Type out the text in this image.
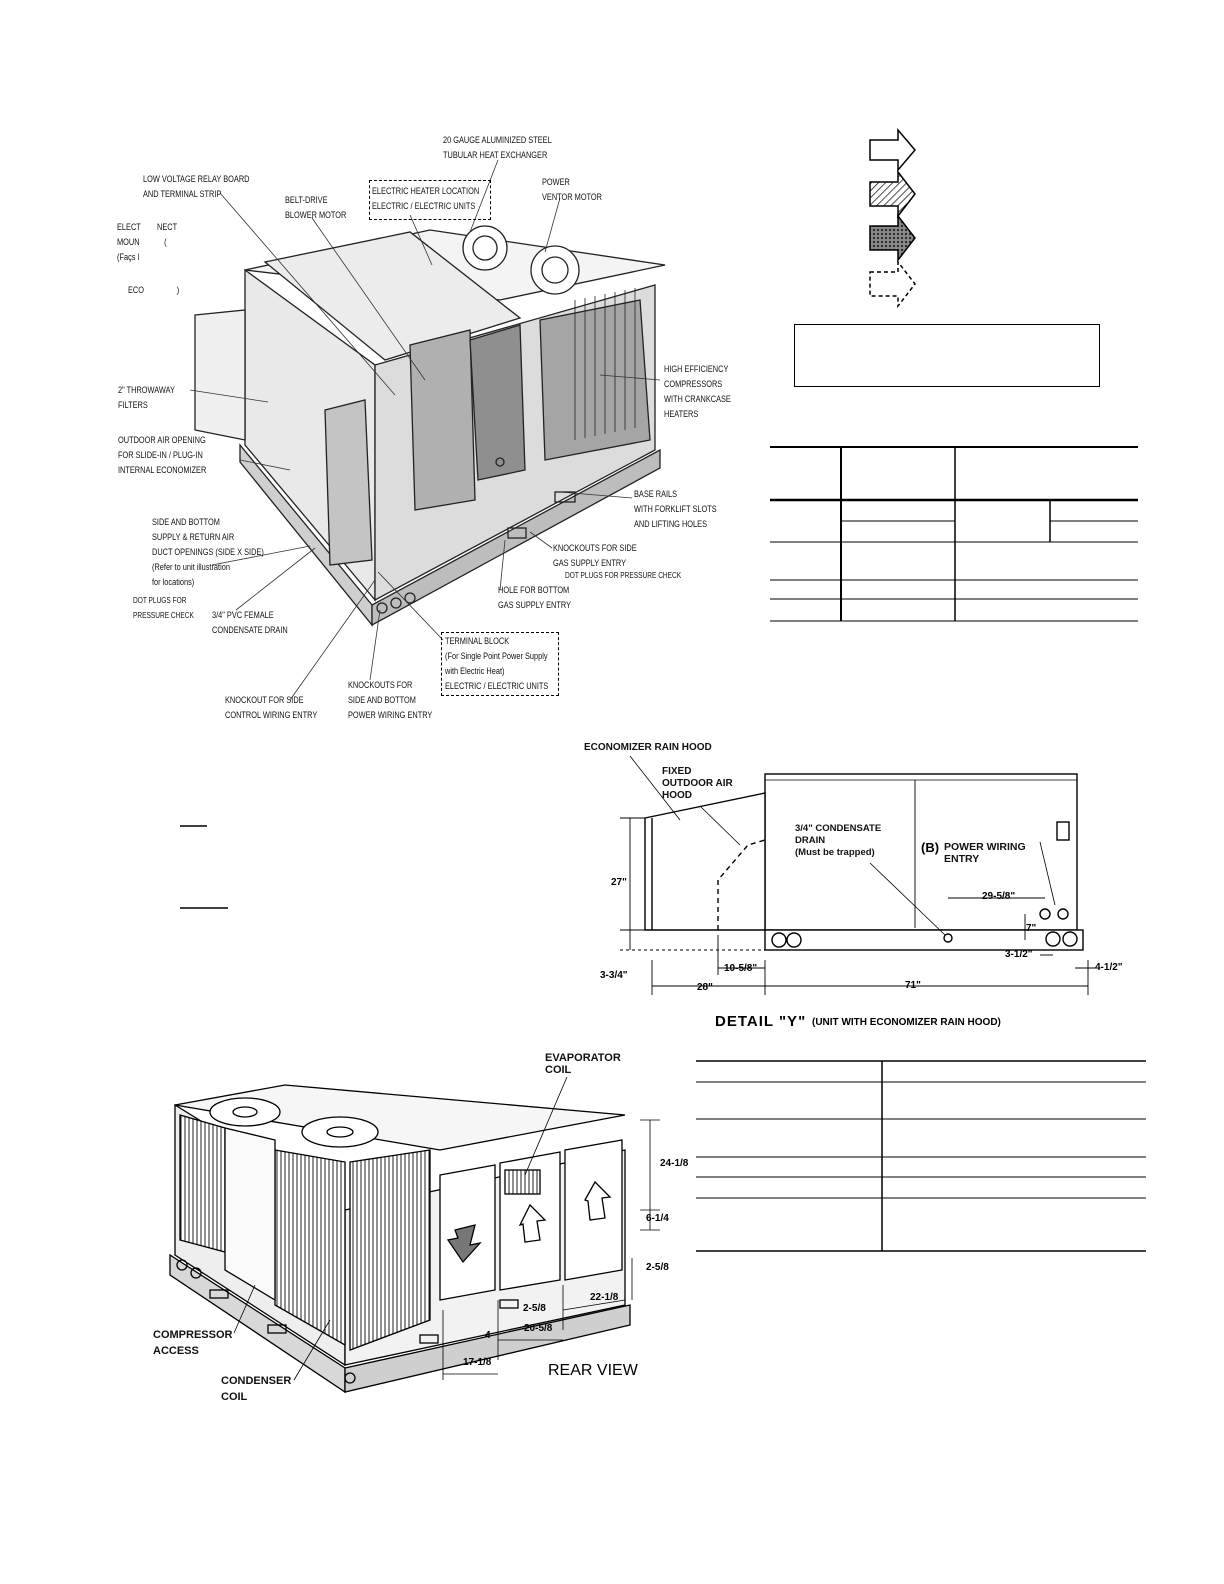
20 GAUGE ALUMINIZED STEEL
TUBULAR HEAT EXCHANGER
LOW VOLTAGE RELAY BOARD
AND TERMINAL STRIP
BELT-DRIVE
BLOWER MOTOR
ELECTRIC HEATER LOCATION
ELECTRIC / ELECTRIC UNITS
POWER
VENTOR MOTOR
ELECT        NECT
MOUN            (
(Façs l
ECO                )
2" THROWAWAY
FILTERS
OUTDOOR AIR OPENING
FOR SLIDE-IN / PLUG-IN
INTERNAL ECONOMIZER
HIGH EFFICIENCY
COMPRESSORS
WITH CRANKCASE
HEATERS
SIDE AND BOTTOM
SUPPLY & RETURN AIR
DUCT OPENINGS (SIDE X SIDE)
(Refer to unit illustration
for locations)
BASE RAILS
WITH FORKLIFT SLOTS
AND LIFTING HOLES
KNOCKOUTS FOR SIDE
GAS SUPPLY ENTRY
DOT PLUGS FOR PRESSURE CHECK
DOT PLUGS FOR
PRESSURE CHECK 3/4" PVC FEMALE
CONDENSATE DRAIN
HOLE FOR BOTTOM
GAS SUPPLY ENTRY
TERMINAL BLOCK
(For Single Point Power Supply
with Electric Heat)
ELECTRIC / ELECTRIC UNITS
KNOCKOUT FOR SIDE
CONTROL WIRING ENTRY
KNOCKOUTS FOR
SIDE AND BOTTOM
POWER WIRING ENTRY
ECONOMIZER RAIN HOOD
FIXED
OUTDOOR AIR
HOOD
3/4" CONDENSATE
DRAIN
(Must be trapped)	(B) POWER WIRING
ENTRY
27"
3-3/4"
10-5/8"
28"	71"
29-5/8"
7"
3-1/2"
4-1/2"
DETAIL "Y" (UNIT WITH ECONOMIZER RAIN HOOD)
EVAPORATOR
COIL
COMPRESSOR
ACCESS
CONDENSER
COIL
REAR VIEW
24-1/8
6-1/4
2-5/8
22-1/8
2-5/8
20-5/8
4
17-1/8
